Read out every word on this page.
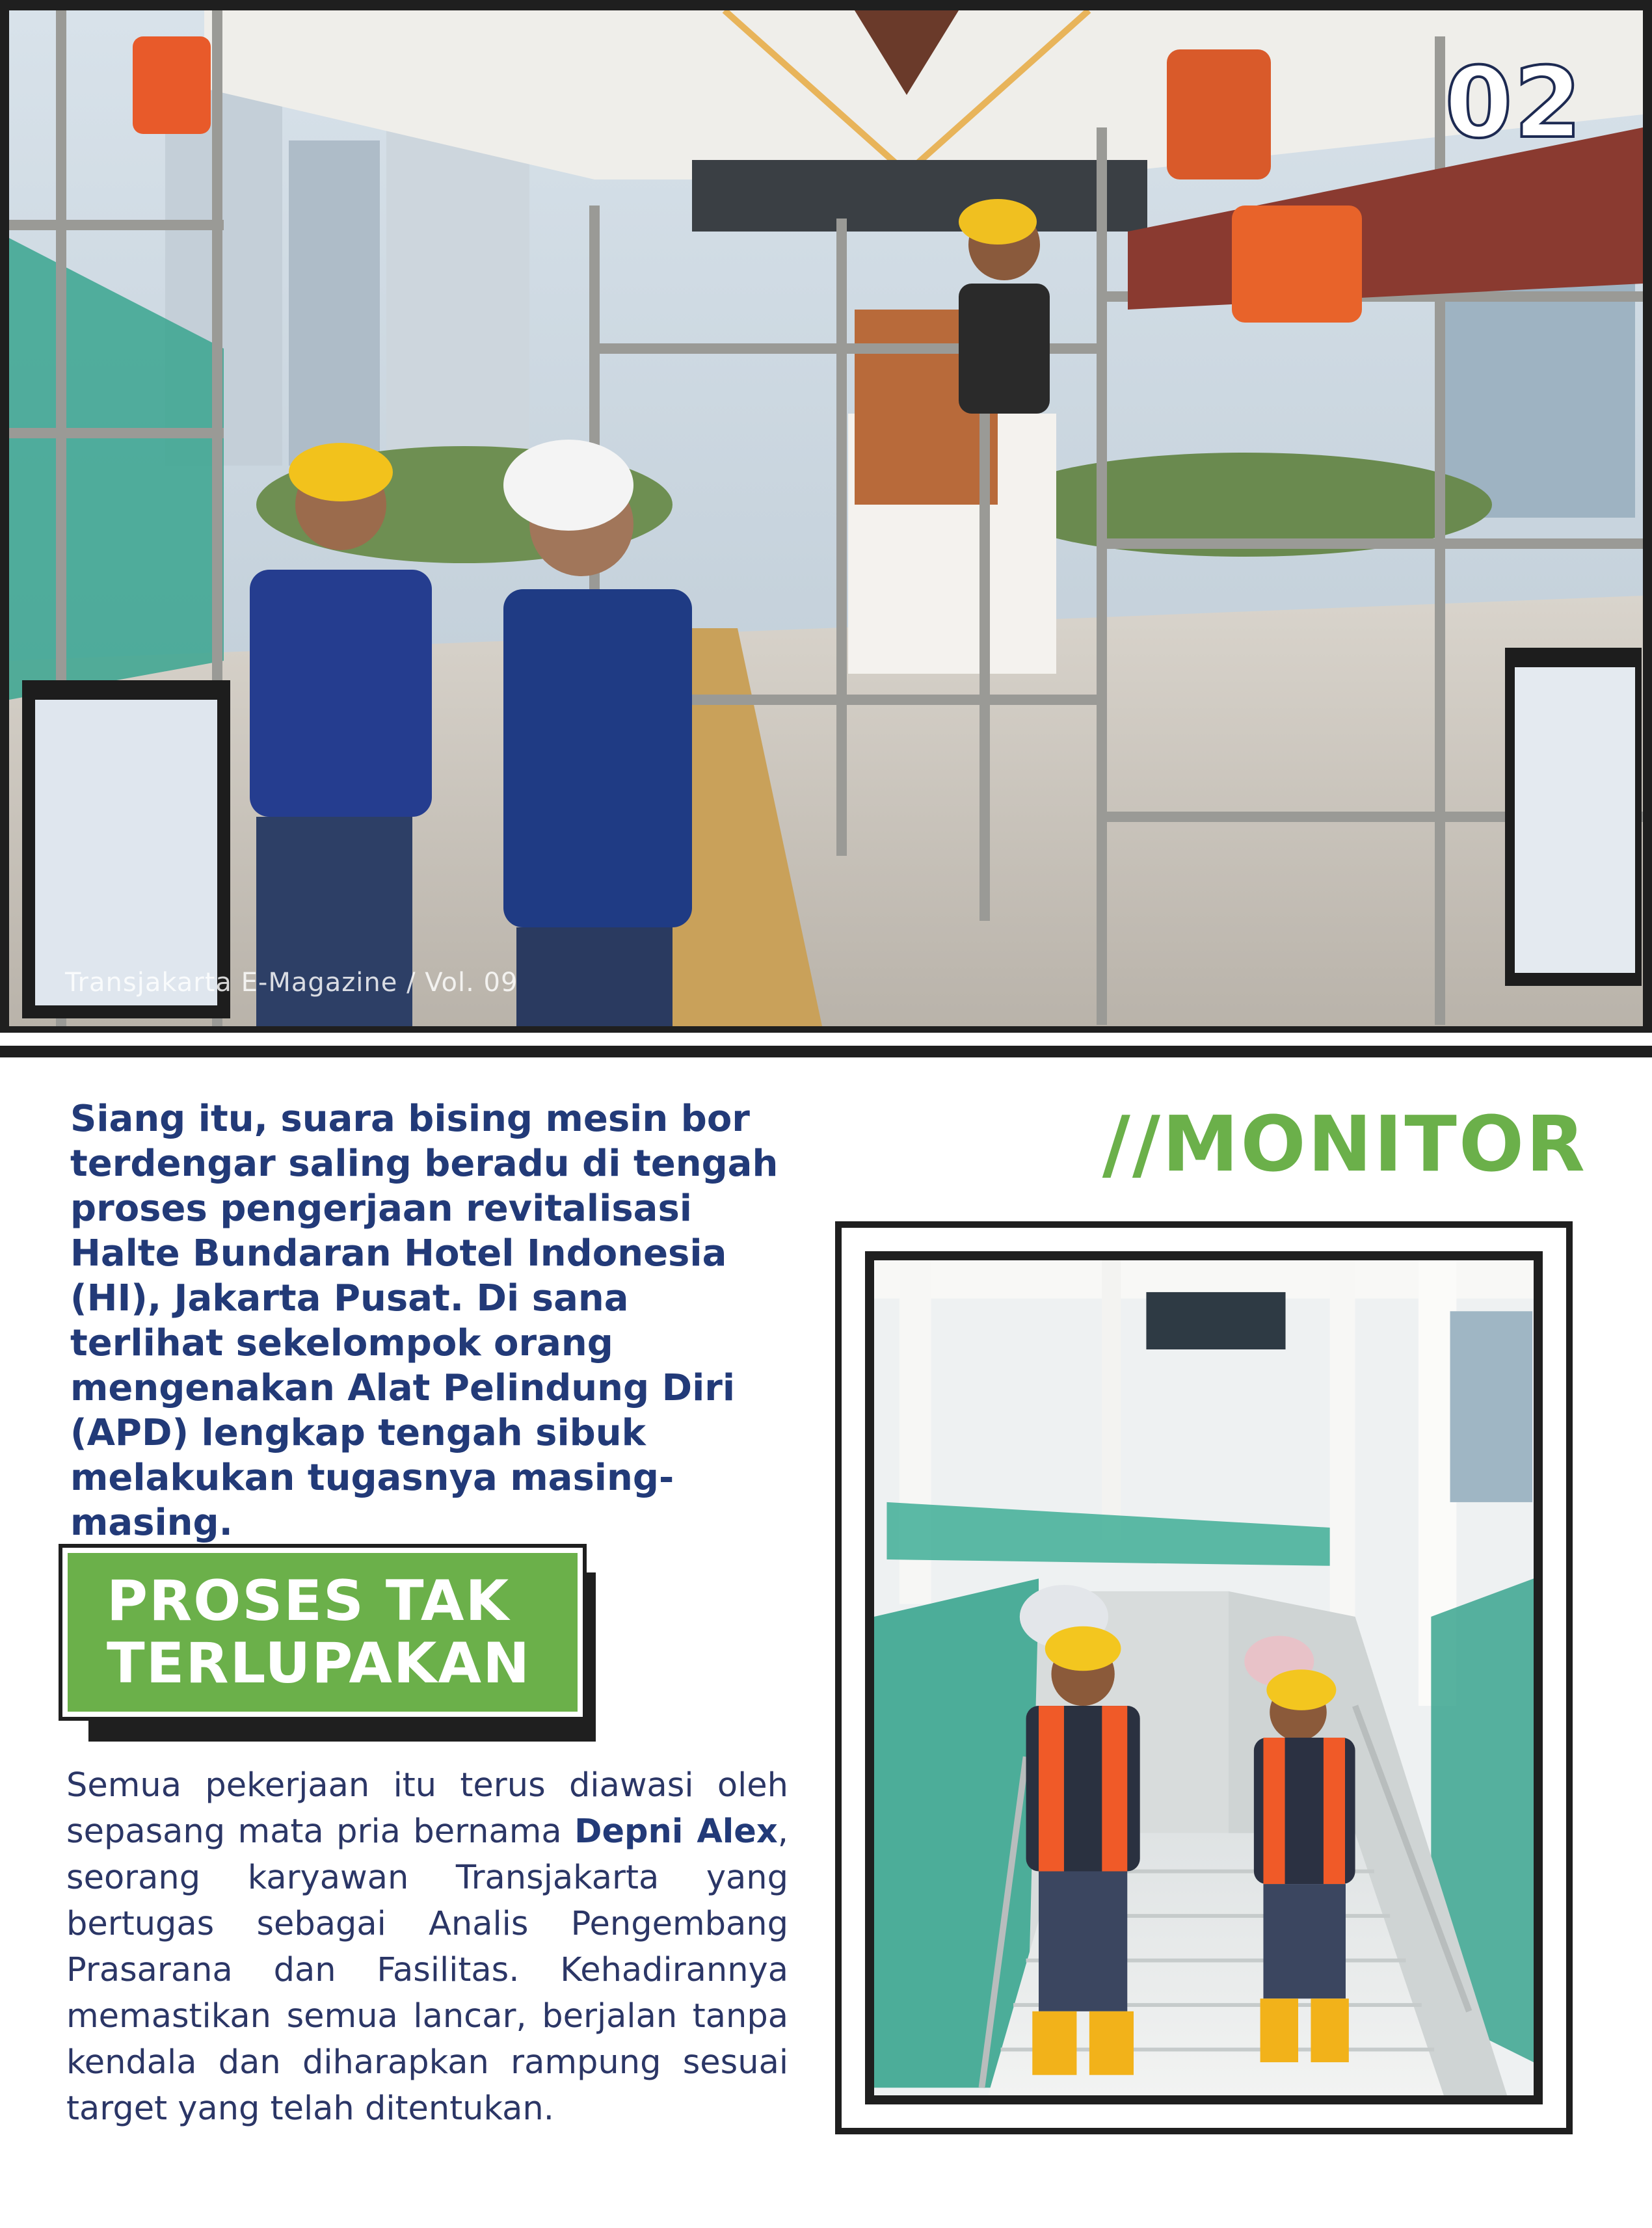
02
Transjakarta E-Magazine / Vol. 09

Siang itu, suara bising mesin bor terdengar saling beradu di tengah proses pengerjaan revitalisasi Halte Bundaran Hotel Indonesia (HI), Jakarta Pusat. Di sana terlihat sekelompok orang mengenakan Alat Pelindung Diri (APD) lengkap tengah sibuk melakukan tugasnya masing-masing.

PROSES TAK
TERLUPAKAN

Semua pekerjaan itu terus diawasi oleh sepasang mata pria bernama Depni Alex, seorang karyawan Transjakarta yang bertugas sebagai Analis Pengembang Prasarana dan Fasilitas. Kehadirannya memastikan semua lancar, berjalan tanpa kendala dan diharapkan rampung sesuai target yang telah ditentukan.

//MONITOR
